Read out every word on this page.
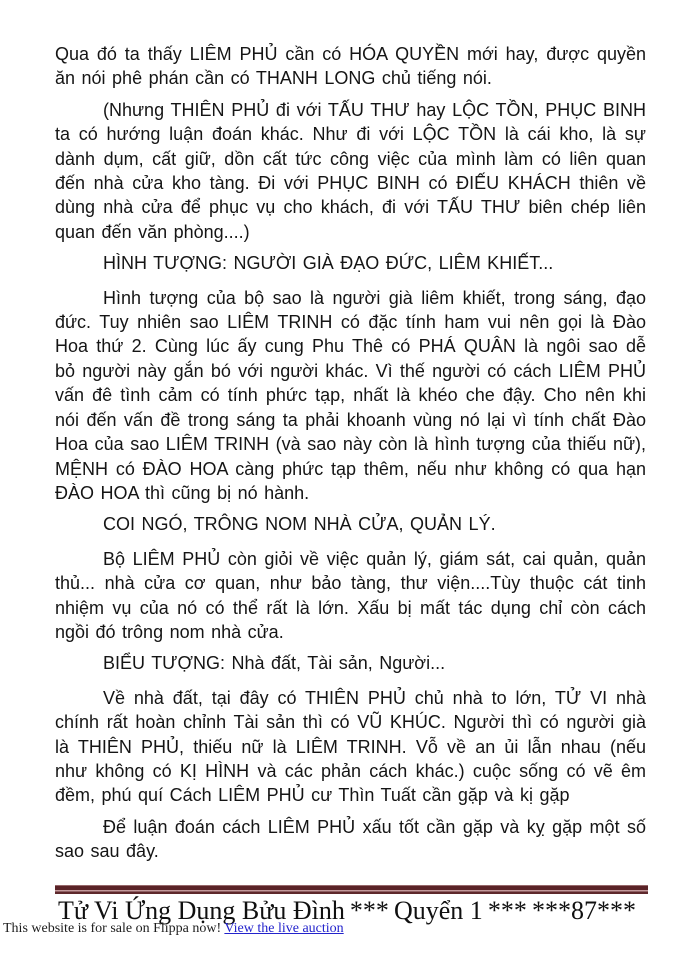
Qua đó ta thấy LIÊM PHỦ cần có HÓA QUYỀN mới hay, được quyền ăn nói phê phán cần có THANH LONG chủ tiếng nói.

(Nhưng THIÊN PHỦ đi với TẤU THƯ hay LỘC TỒN, PHỤC BINH ta có hướng luận đoán khác. Như đi với LỘC TỒN là cái kho, là sự dành dụm, cất giữ, dồn cất tức công việc của mình làm có liên quan đến nhà cửa kho tàng. Đi với PHỤC BINH có ĐIẾU KHÁCH thiên về dùng nhà cửa để phục vụ cho khách, đi với TẤU THƯ biên chép liên quan đến văn phòng....)

HÌNH TƯỢNG: NGƯỜI GIÀ ĐẠO ĐỨC, LIÊM KHIẾT...

Hình tượng của bộ sao là người già liêm khiết, trong sáng, đạo đức. Tuy nhiên sao LIÊM TRINH có đặc tính ham vui nên gọi là Đào Hoa thứ 2. Cùng lúc ấy cung Phu Thê có PHÁ QUÂN là ngôi sao dễ bỏ người này gắn bó với người khác. Vì thế người có cách LIÊM PHỦ vấn đê tình cảm có tính phức tạp, nhất là khéo che đậy. Cho nên khi nói đến vấn đề trong sáng ta phải khoanh vùng nó lại vì tính chất Đào Hoa của sao LIÊM TRINH (và sao này còn là hình tượng của thiếu nữ), MỆNH có ĐÀO HOA càng phức tạp thêm, nếu như không có qua hạn ĐÀO HOA thì cũng bị nó hành.

COI NGÓ, TRÔNG NOM NHÀ CỬA, QUẢN LÝ.

Bộ LIÊM PHỦ còn giỏi về việc quản lý, giám sát, cai quản, quản thủ... nhà cửa cơ quan, như bảo tàng, thư viện....Tùy thuộc cát tinh nhiệm vụ của nó có thể rất là lớn. Xấu bị mất tác dụng chỉ còn cách ngồi đó trông nom nhà cửa.

BIỂU TƯỢNG: Nhà đất, Tài sản, Người...

Về nhà đất, tại đây có THIÊN PHỦ chủ nhà to lớn, TỬ VI nhà chính rất hoàn chỉnh Tài sản thì có VŨ KHÚC. Người thì có người già là THIÊN PHỦ, thiếu nữ là LIÊM TRINH. Vỗ về an ủi lẫn nhau (nếu như không có KỊ HÌNH và các phản cách khác.) cuộc sống có vẽ êm đềm, phú quí Cách LIÊM PHỦ cư Thìn Tuất cần gặp và kị gặp

Để luận đoán cách LIÊM PHỦ xấu tốt cần gặp và kỵ gặp một số sao sau đây.

Tử Vi Ứng Dụng Bửu Đình *** Quyển 1 *** ***87***
This website is for sale on Flippa now! View the live auction
